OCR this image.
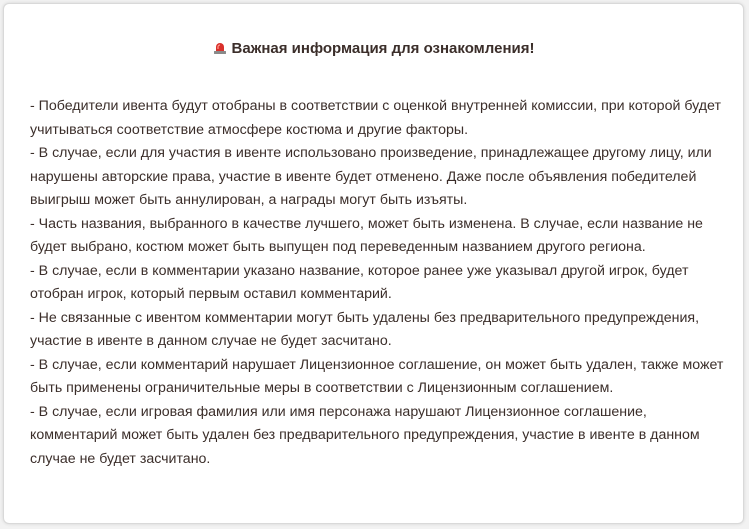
Важная информация для ознакомления!

- Победители ивента будут отобраны в соответствии с оценкой внутренней комиссии, при которой будет учитываться соответствие атмосфере костюма и другие факторы.

- В случае, если для участия в ивенте использовано произведение, принадлежащее другому лицу, или нарушены авторские права, участие в ивенте будет отменено. Даже после объявления победителей выигрыш может быть аннулирован, а награды могут быть изъяты.

- Часть названия, выбранного в качестве лучшего, может быть изменена. В случае, если название не будет выбрано, костюм может быть выпущен под переведенным названием другого региона.

- В случае, если в комментарии указано название, которое ранее уже указывал другой игрок, будет отобран игрок, который первым оставил комментарий.

- Не связанные с ивентом комментарии могут быть удалены без предварительного предупреждения, участие в ивенте в данном случае не будет засчитано.

- В случае, если комментарий нарушает Лицензионное соглашение, он может быть удален, также может быть применены ограничительные меры в соответствии с Лицензионным соглашением.

- В случае, если игровая фамилия или имя персонажа нарушают Лицензионное соглашение, комментарий может быть удален без предварительного предупреждения, участие в ивенте в данном случае не будет засчитано.
